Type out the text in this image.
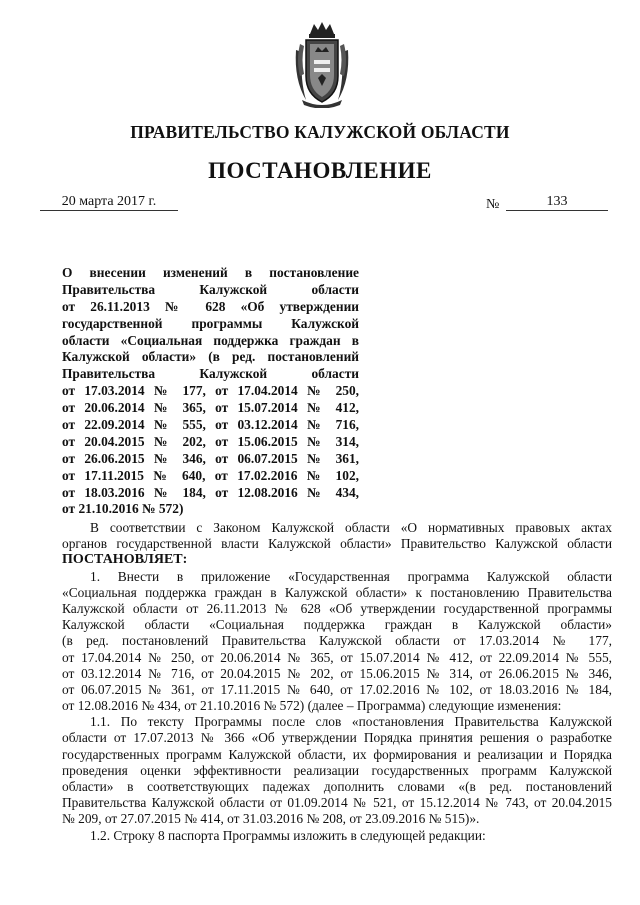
ПРАВИТЕЛЬСТВО КАЛУЖСКОЙ ОБЛАСТИ
ПОСТАНОВЛЕНИЕ
20 марта 2017 г.	№	133
О внесении изменений в постановление
Правительства Калужской области
от 26.11.2013 № 628 «Об утверждении
государственной программы Калужской
области «Социальная поддержка граждан в
Калужской области» (в ред. постановлений
Правительства Калужской области
от 17.03.2014 № 177, от 17.04.2014 № 250,
от 20.06.2014 № 365, от 15.07.2014 № 412,
от 22.09.2014 № 555, от 03.12.2014 № 716,
от 20.04.2015 № 202, от 15.06.2015 № 314,
от 26.06.2015 № 346, от 06.07.2015 № 361,
от 17.11.2015 № 640, от 17.02.2016 № 102,
от 18.03.2016 № 184, от 12.08.2016 № 434,
от 21.10.2016 № 572)
В соответствии с Законом Калужской области «О нормативных правовых актах
органов государственной власти Калужской области» Правительство Калужской области
ПОСТАНОВЛЯЕТ:
1. Внести в приложение «Государственная программа Калужской области
«Социальная поддержка граждан в Калужской области» к постановлению Правительства
Калужской области от 26.11.2013 № 628 «Об утверждении государственной программы
Калужской области «Социальная поддержка граждан в Калужской области»
(в ред. постановлений Правительства Калужской области от 17.03.2014 № 177,
от 17.04.2014 № 250, от 20.06.2014 № 365, от 15.07.2014 № 412, от 22.09.2014 № 555,
от 03.12.2014 № 716, от 20.04.2015 № 202, от 15.06.2015 № 314, от 26.06.2015 № 346,
от 06.07.2015 № 361, от 17.11.2015 № 640, от 17.02.2016 № 102, от 18.03.2016 № 184,
от 12.08.2016 № 434, от 21.10.2016 № 572) (далее – Программа) следующие изменения:
1.1. По тексту Программы после слов «постановления Правительства Калужской
области от 17.07.2013 № 366 «Об утверждении Порядка принятия решения о разработке
государственных программ Калужской области, их формирования и реализации и Порядка
проведения оценки эффективности реализации государственных программ Калужской
области» в соответствующих падежах дополнить словами «(в ред. постановлений
Правительства Калужской области от 01.09.2014 № 521, от 15.12.2014 № 743, от 20.04.2015
№ 209, от 27.07.2015 № 414, от 31.03.2016 № 208, от 23.09.2016 № 515)».
1.2. Строку 8 паспорта Программы изложить в следующей редакции:
